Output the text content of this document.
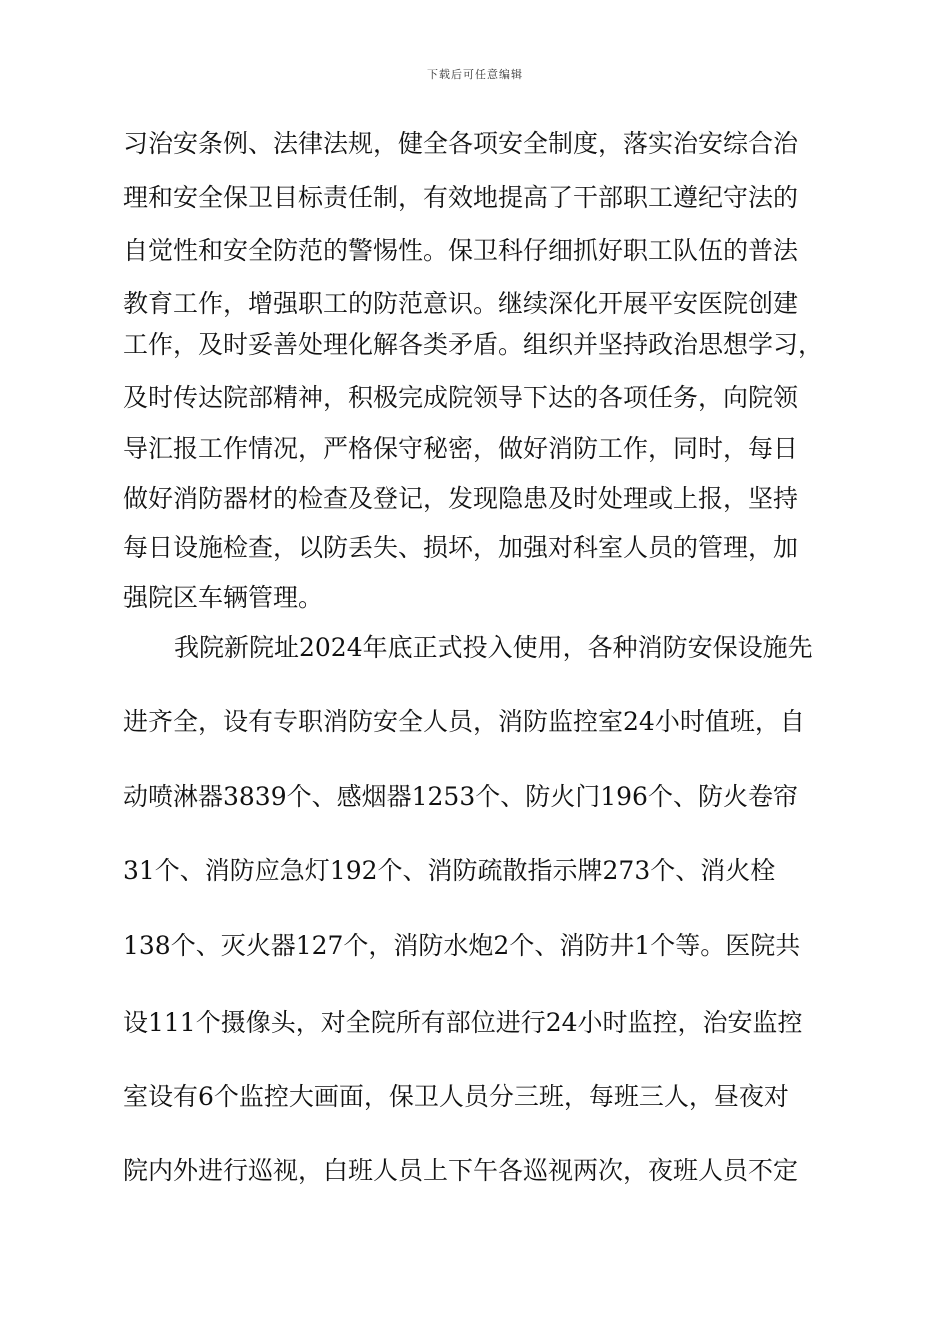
下载后可任意编辑
习治安条例、法律法规，健全各项安全制度，落实治安综合治
理和安全保卫目标责任制，有效地提高了干部职工遵纪守法的
自觉性和安全防范的警惕性。保卫科仔细抓好职工队伍的普法
教育工作，增强职工的防范意识。继续深化开展平安医院创建
工作，及时妥善处理化解各类矛盾。组织并坚持政治思想学习，
及时传达院部精神，积极完成院领导下达的各项任务，向院领
导汇报工作情况，严格保守秘密，做好消防工作，同时，每日
做好消防器材的检查及登记，发现隐患及时处理或上报，坚持
每日设施检查，以防丢失、损坏，加强对科室人员的管理，加
强院区车辆管理。
我院新院址2024年底正式投入使用，各种消防安保设施先
进齐全，设有专职消防安全人员，消防监控室24小时值班，自
动喷淋器3839个、感烟器1253个、防火门196个、防火卷帘
31个、消防应急灯192个、消防疏散指示牌273个、消火栓
138个、灭火器127个，消防水炮2个、消防井1个等。医院共
设111个摄像头，对全院所有部位进行24小时监控，治安监控
室设有6个监控大画面，保卫人员分三班，每班三人，昼夜对
院内外进行巡视，白班人员上下午各巡视两次，夜班人员不定
